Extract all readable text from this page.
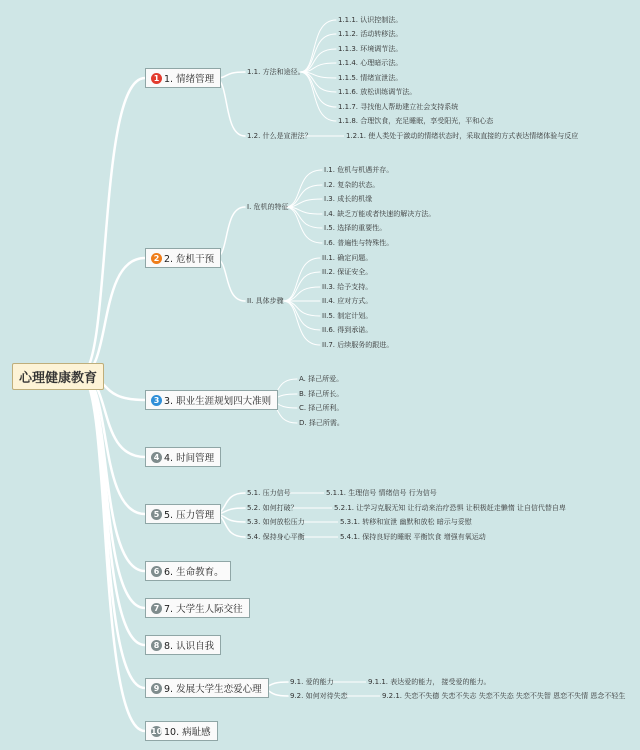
心理健康教育
1 1. 情绪管理
2 2. 危机干预
3 3. 职业生涯规划四大准则
4 4. 时间管理
5 5. 压力管理
6 6. 生命教育。
7 7. 大学生人际交往
8 8. 认识自我
9 9. 发展大学生恋爱心理
10 10. 病耻感
1.1. 方法和途径。
1.1.1. 认识控制法。
1.1.2. 活动转移法。
1.1.3. 环境调节法。
1.1.4. 心理暗示法。
1.1.5. 情绪宣泄法。
1.1.6. 放松训练调节法。
1.1.7. 寻找他人帮助建立社会支持系统
1.1.8. 合理饮食，充足睡眠，享受阳光，平和心态
1.2. 什么是宣泄法？	1.2.1. 使人类处于激动的情绪状态时，采取直接的方式表达情绪体验与反应
I. 危机的特征
I.1. 危机与机遇并存。
I.2. 复杂的状态。
I.3. 成长的机缘
I.4. 缺乏万能或者快速的解决方法。
I.5. 选择的重要性。
I.6. 普遍性与特殊性。
II. 具体步骤
II.1. 确定问题。
II.2. 保证安全。
II.3. 给予支持。
II.4. 应对方式。
II.5. 制定计划。
II.6. 得到承诺。
II.7. 后续服务的跟进。
A. 择己所爱。
B. 择己所长。
C. 择己所利。
D. 择己所需。
5.1. 压力信号	5.1.1. 生理信号 情绪信号 行为信号
5.2. 如何打破？	5.2.1. 让学习克服无知 让行动来治疗恐惧 让积极赶走懒惰 让自信代替自卑
5.3. 如何放松压力	5.3.1. 转移和宣泄 幽默和放松 暗示与妥慰
5.4. 保持身心平衡	5.4.1. 保持良好的睡眠 平衡饮食 增强有氧运动
9.1. 爱的能力	9.1.1. 表达爱的能力， 接受爱的能力。
9.2. 如何对待失恋	9.2.1. 失恋不失德 失恋不失志 失恋不失态 失恋不失智 恩恋不失情 恩念不轻生
